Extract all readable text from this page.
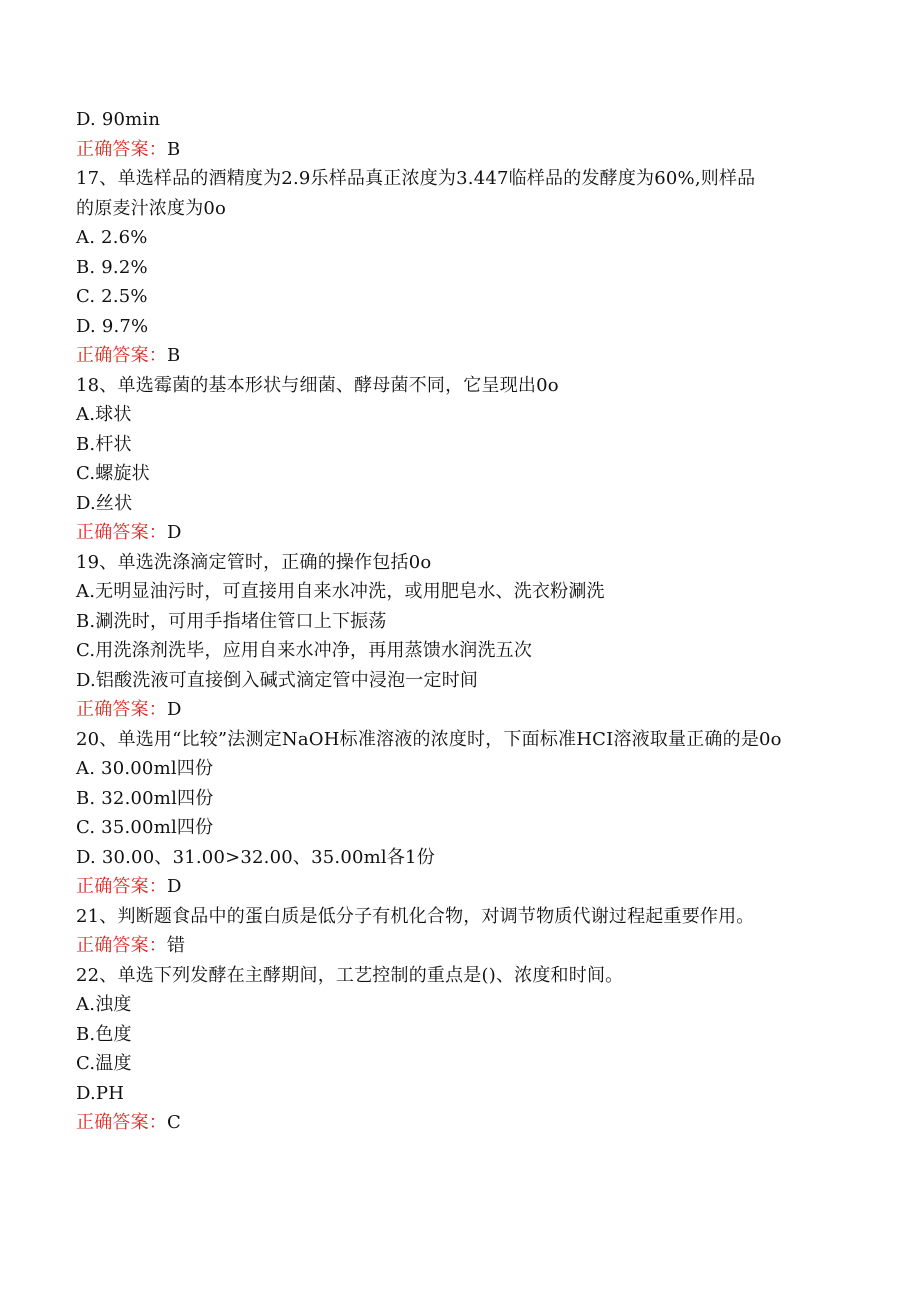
D. 90min
正确答案：B
17、单选样品的酒精度为2.9乐样品真正浓度为3.447临样品的发酵度为60%,则样品的原麦汁浓度为0o
A. 2.6%
B. 9.2%
C. 2.5%
D. 9.7%
正确答案：B
18、单选霉菌的基本形状与细菌、酵母菌不同，它呈现出0o
A.球状
B.杆状
C.螺旋状
D.丝状
正确答案：D
19、单选洗涤滴定管时，正确的操作包括0o
A.无明显油污时，可直接用自来水冲洗，或用肥皂水、洗衣粉涮洗
B.涮洗时，可用手指堵住管口上下振荡
C.用洗涤剂洗毕，应用自来水冲净，再用蒸馈水润洗五次
D.铝酸洗液可直接倒入碱式滴定管中浸泡一定时间
正确答案：D
20、单选用“比较”法测定NaOH标准溶液的浓度时，下面标准HCI溶液取量正确的是0o
A. 30.00ml四份
B. 32.00ml四份
C. 35.00ml四份
D. 30.00、31.00>32.00、35.00ml各1份
正确答案：D
21、判断题食品中的蛋白质是低分子有机化合物，对调节物质代谢过程起重要作用。
正确答案：错
22、单选下列发酵在主酵期间，工艺控制的重点是()、浓度和时间。
A.浊度
B.色度
C.温度
D.PH
正确答案：C
